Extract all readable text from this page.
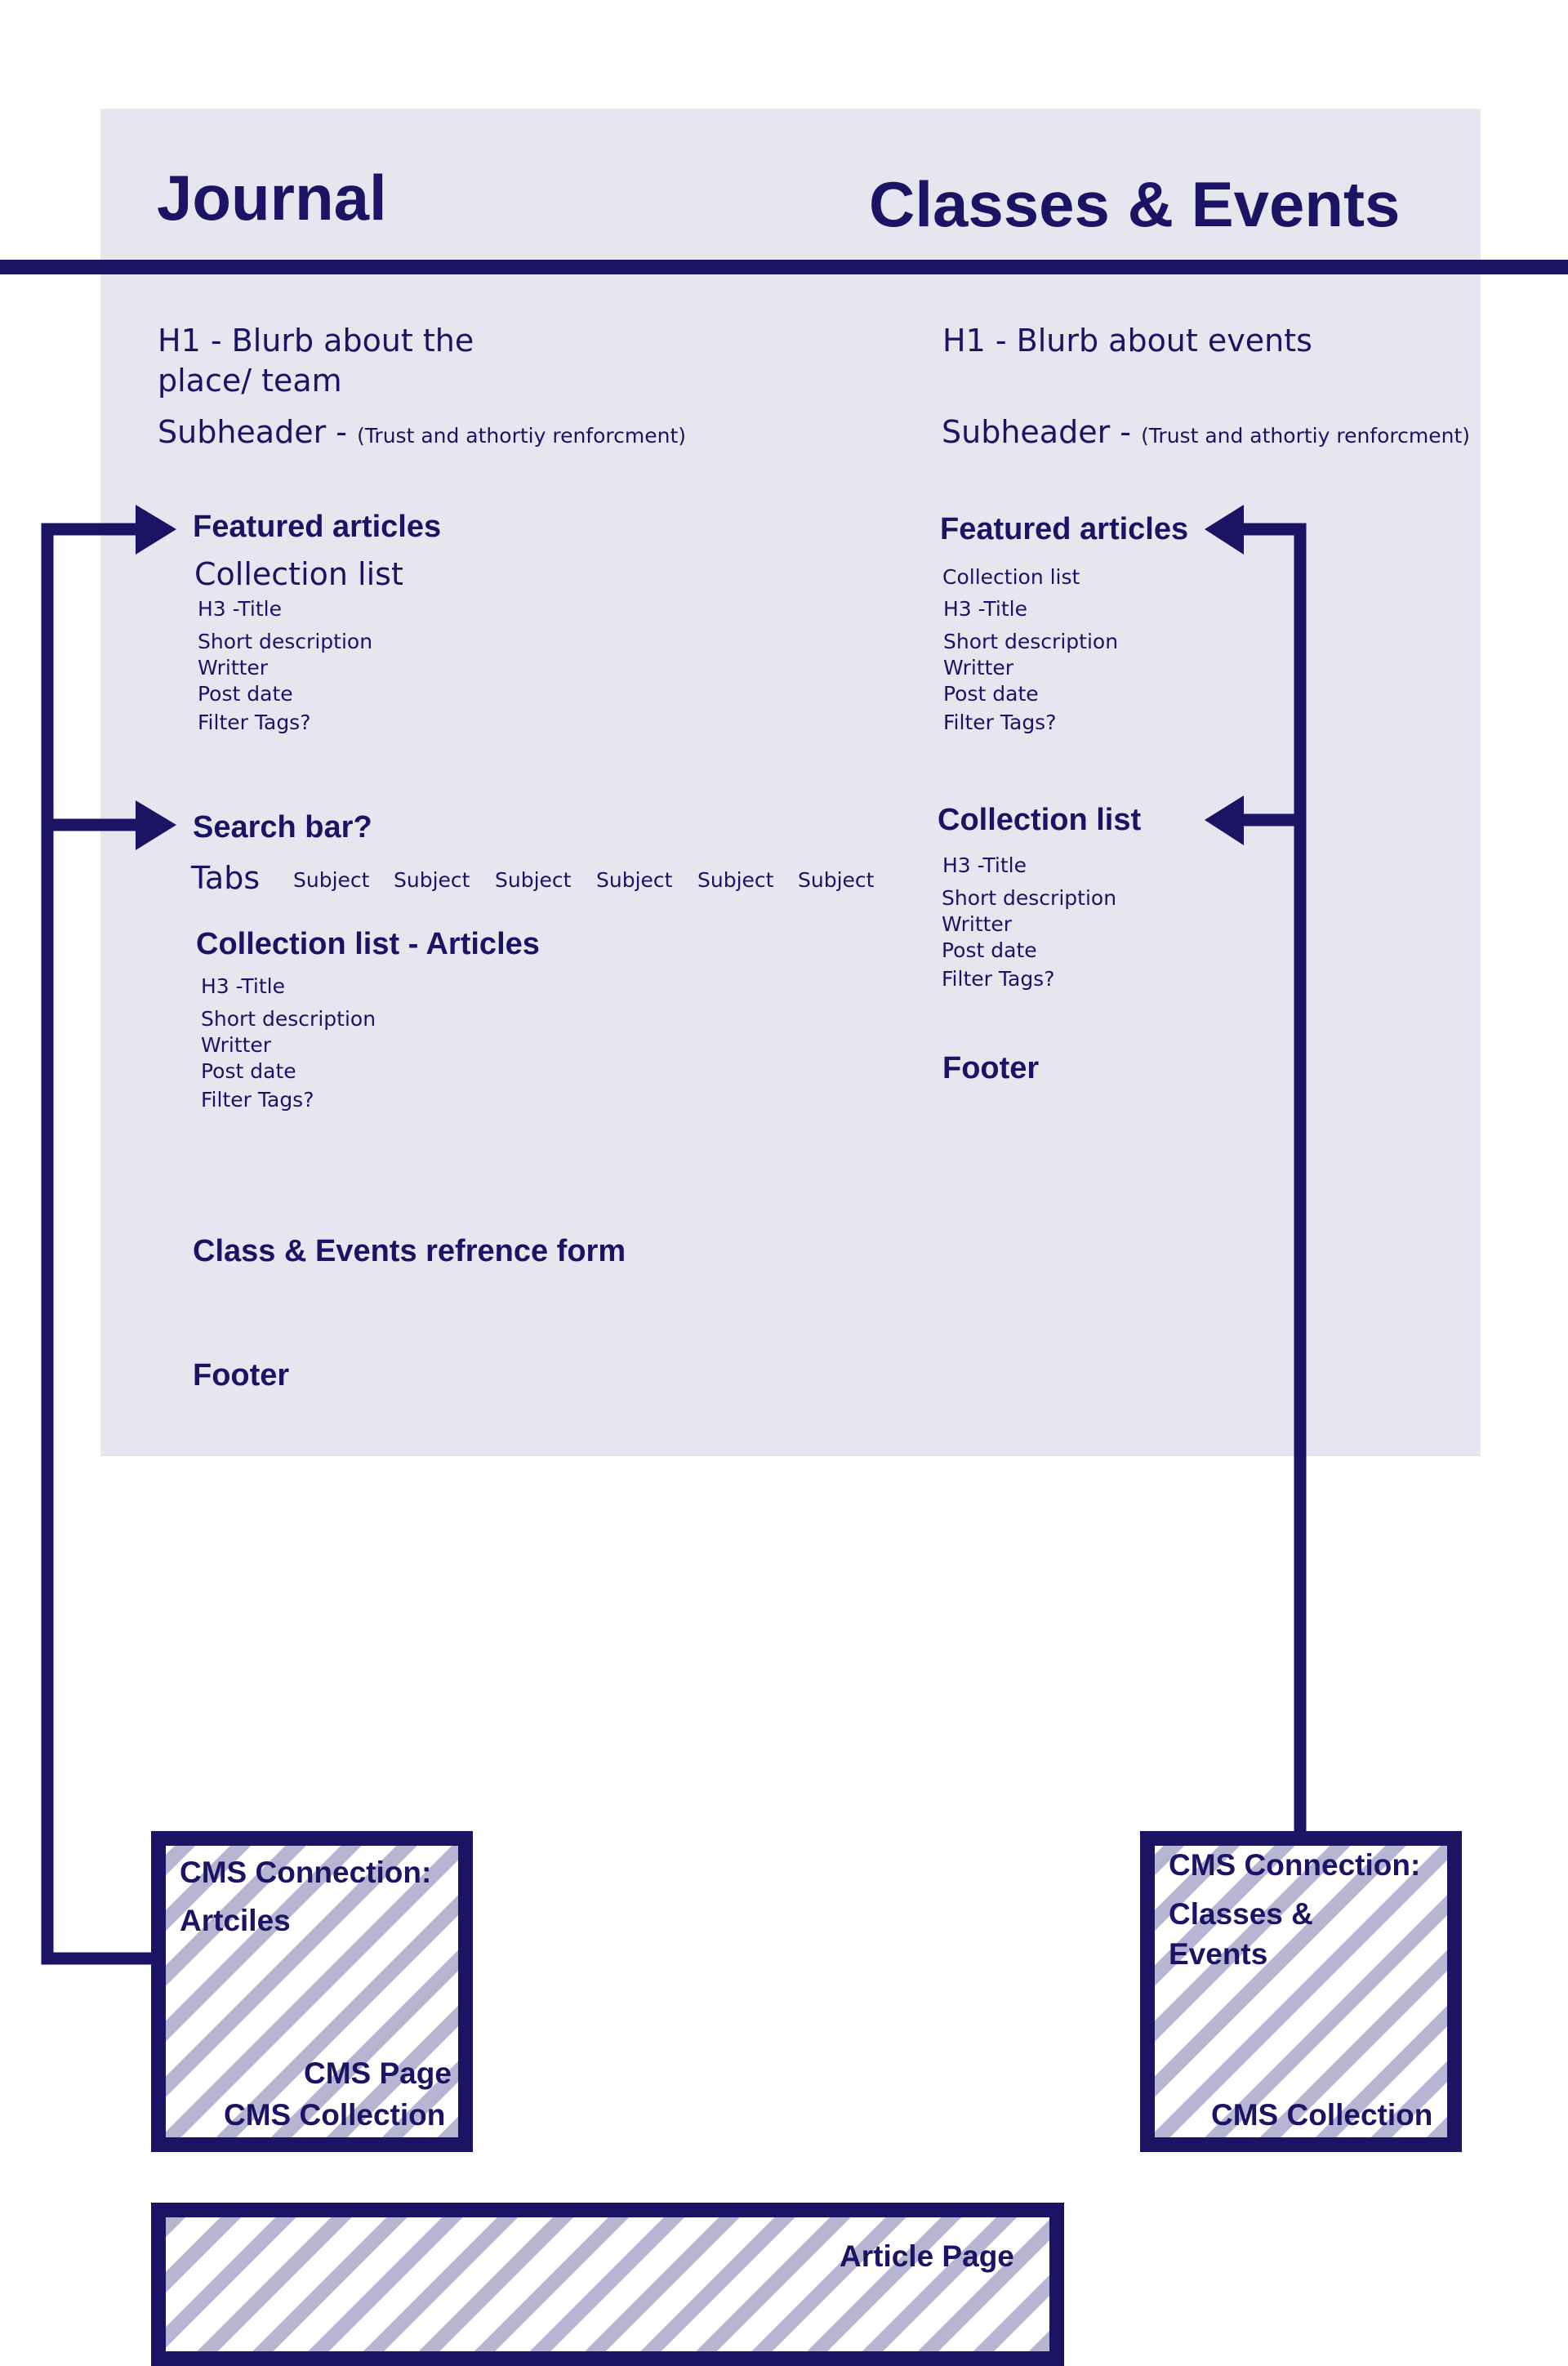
Journal	Classes & Events
H1 - Blurb about the
place/ team
Subheader - (Trust and athortiy renforcment)
Featured articles
Collection list
H3 -Title
Short description
Writter
Post date
Filter Tags?
Search bar?
Tabs Subject Subject Subject Subject Subject Subject
Collection list - Articles
H3 -Title
Short description
Writter
Post date
Filter Tags?
Class & Events refrence form
Footer
H1 - Blurb about events
Subheader - (Trust and athortiy renforcment)
Featured articles
Collection list
H3 -Title
Short description
Writter
Post date
Filter Tags?
Collection list
H3 -Title
Short description
Writter
Post date
Filter Tags?
Footer
CMS Connection:
Artciles
CMS Page
CMS Collection
CMS Connection:
Classes &
Events
CMS Collection
Article Page
